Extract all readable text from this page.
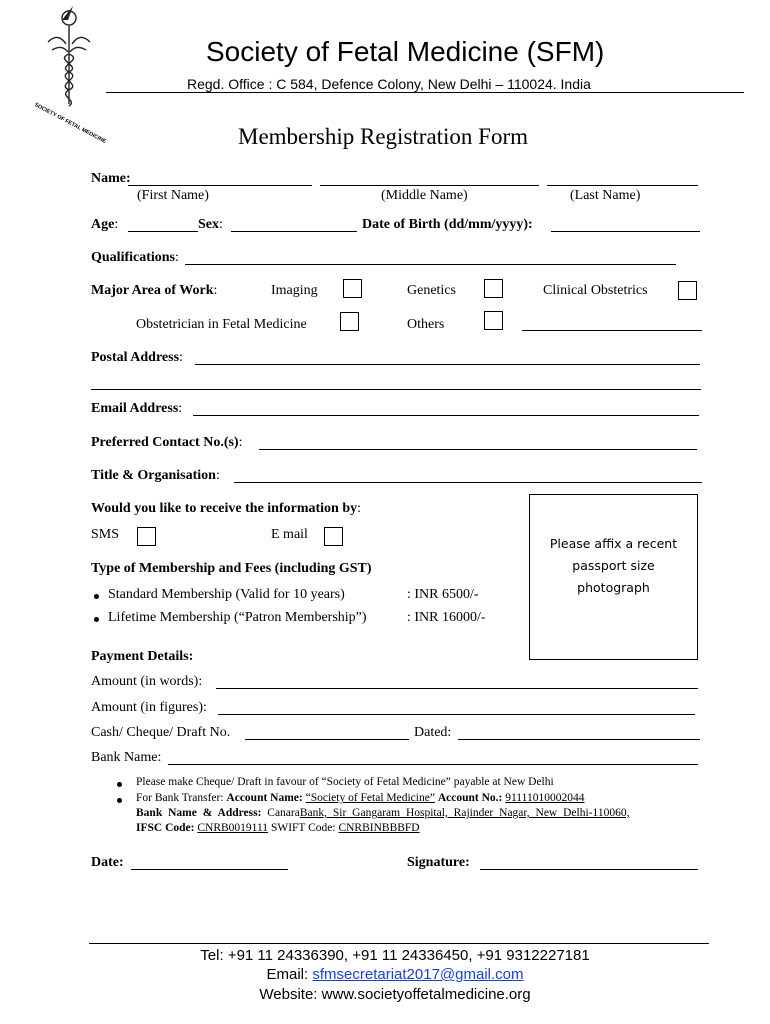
SOCIETY OF FETAL MEDICINE
Society of Fetal Medicine (SFM)
Regd. Office : C 584, Defence Colony, New Delhi – 110024. India
Membership Registration Form
Name:
(First Name)	(Middle Name)	(Last Name)
Age:	Sex:	Date of Birth (dd/mm/yyyy):
Qualifications:
Major Area of Work:	Imaging	Genetics	Clinical Obstetrics
Obstetrician in Fetal Medicine	Others
Postal Address:
Email Address:
Preferred Contact No.(s):
Title & Organisation:
Would you like to receive the information by:
SMS	E mail
Please affix a recent
passport size
photograph
Type of Membership and Fees (including GST)
Standard Membership (Valid for 10 years)	: INR 6500/-
Lifetime Membership (“Patron Membership”)	: INR 16000/-
Payment Details:
Amount (in words):
Amount (in figures):
Cash/ Cheque/ Draft No.	Dated:
Bank Name:
Please make Cheque/ Draft in favour of “Society of Fetal Medicine” payable at New Delhi
For Bank Transfer: Account Name: “Society of Fetal Medicine” Account No.: 91111010002044
Bank Name & Address: CanaraBank, Sir Gangaram Hospital, Rajinder Nagar, New Delhi-110060,
IFSC Code: CNRB0019111 SWIFT Code: CNRBINBBBFD
Date:	Signature:
Tel: +91 11 24336390, +91 11 24336450, +91 9312227181
Email: sfmsecretariat2017@gmail.com
Website: www.societyoffetalmedicine.org
